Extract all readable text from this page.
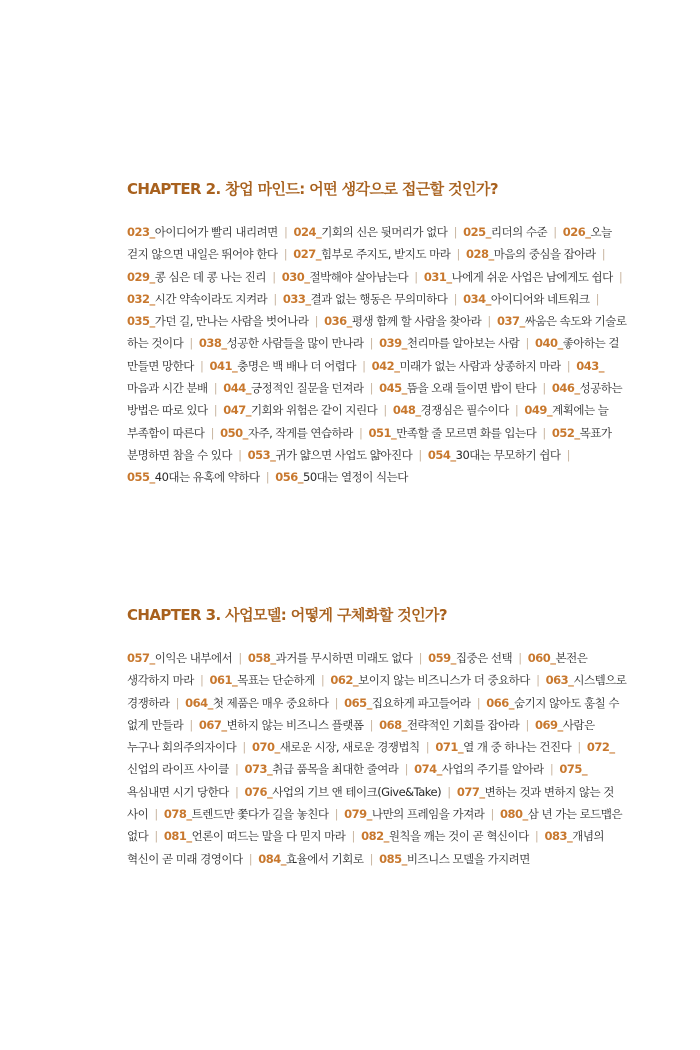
CHAPTER 2. 창업 마인드: 어떤 생각으로 접근할 것인가?
023_아이디어가 빨리 내리려면 | 024_기회의 신은 뒷머리가 없다 | 025_리더의 수준 | 026_오늘 걷지 않으면 내일은 뛰어야 한다 | 027_힘부로 주지도, 받지도 마라 | 028_마음의 중심을 잡아라 | 029_콩 심은 데 콩 나는 진리 | 030_절박해야 살아남는다 | 031_나에게 쉬운 사업은 남에게도 쉽다 | 032_시간 약속이라도 지켜라 | 033_결과 없는 행동은 무의미하다 | 034_아이디어와 네트워크 | 035_가던 길, 만나는 사람을 벗어나라 | 036_평생 함께 할 사람을 찾아라 | 037_싸움은 속도와 기술로 하는 것이다 | 038_성공한 사람들을 많이 만나라 | 039_천리마를 알아보는 사람 | 040_좋아하는 걸 만들면 망한다 | 041_충명은 백 배나 더 어렵다 | 042_미래가 없는 사람과 상종하지 마라 | 043_마음과 시간 분배 | 044_긍정적인 질문을 던져라 | 045_뜸을 오래 들이면 밥이 탄다 | 046_성공하는 방법은 따로 있다 | 047_기회와 위험은 같이 지린다 | 048_경쟁심은 필수이다 | 049_계획에는 늘 부족함이 따른다 | 050_자주, 작게를 연습하라 | 051_만족할 줄 모르면 화를 입는다 | 052_목표가 분명하면 참을 수 있다 | 053_귀가 얇으면 사업도 얇아진다 | 054_30대는 무모하기 쉽다 | 055_40대는 유혹에 약하다 | 056_50대는 열정이 식는다
CHAPTER 3. 사업모델: 어떻게 구체화할 것인가?
057_이익은 내부에서 | 058_과거를 무시하면 미래도 없다 | 059_집중은 선택 | 060_본전은 생각하지 마라 | 061_목표는 단순하게 | 062_보이지 않는 비즈니스가 더 중요하다 | 063_시스템으로 경쟁하라 | 064_첫 제품은 매우 중요하다 | 065_집요하게 파고들어라 | 066_숨기지 않아도 훔칠 수 없게 만들라 | 067_변하지 않는 비즈니스 플랫폼 | 068_전략적인 기회를 잡아라 | 069_사람은 누구나 회의주의자이다 | 070_새로운 시장, 새로운 경쟁법칙 | 071_열 개 중 하나는 건진다 | 072_신업의 라이프 사이클 | 073_취급 품목을 최대한 줄여라 | 074_사업의 주기를 알아라 | 075_욕심내면 시기 당한다 | 076_사업의 기브 앤 테이크(Give&Take) | 077_변하는 것과 변하지 않는 것 사이 | 078_트렌드만 쫓다가 길을 놓친다 | 079_나만의 프레임을 가져라 | 080_삼 년 가는 로드맵은 없다 | 081_언론이 떠드는 말을 다 믿지 마라 | 082_원칙을 깨는 것이 곧 혁신이다 | 083_개념의 혁신이 곧 미래 경영이다 | 084_효율에서 기회로 | 085_비즈니스 모델을 가지려면
